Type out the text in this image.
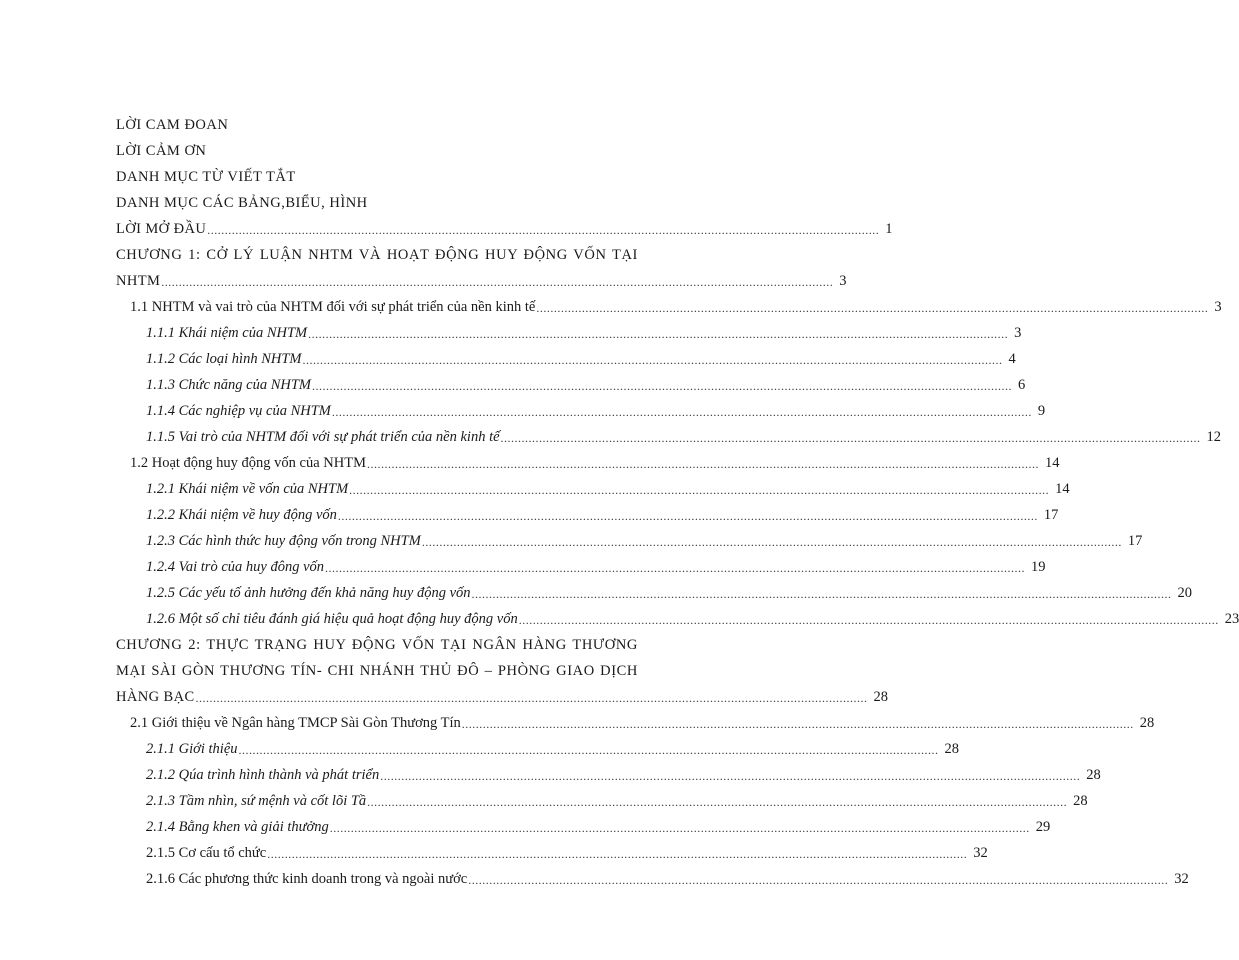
LỜI CAM ĐOAN
LỜI CẢM ƠN
DANH MỤC TỪ VIẾT TẮT
DANH MỤC CÁC BẢNG,BIỂU, HÌNH
LỜI MỞ ĐẦU ................................................................................................................................................................................................ 1
CHƯƠNG 1: CỞ LÝ LUẬN NHTM VÀ HOẠT ĐỘNG HUY ĐỘNG VỐN TẠI
NHTM ................................................................................................................................................................................................ 3
1.1 NHTM và vai trò của NHTM đối với sự phát triển của nền kinh tế ................................................................................................................................................................................................ 3
1.1.1 Khái niệm của NHTM ........................................................................................................................................................................................................ 3
1.1.2 Các loại hình NHTM ........................................................................................................................................................................................................ 4
1.1.3 Chức năng của NHTM ........................................................................................................................................................................................................ 6
1.1.4 Các nghiệp vụ của NHTM ........................................................................................................................................................................................................ 9
1.1.5 Vai trò của NHTM đối với sự phát triển của nền kinh tế ........................................................................................................................................................................................................ 12
1.2 Hoạt động huy động vốn của NHTM ................................................................................................................................................................................................ 14
1.2.1 Khái niệm về vốn của NHTM ........................................................................................................................................................................................................ 14
1.2.2 Khái niệm về huy động vốn ........................................................................................................................................................................................................ 17
1.2.3 Các hình thức huy động vốn trong NHTM ........................................................................................................................................................................................................ 17
1.2.4 Vai trò của huy đông vốn ........................................................................................................................................................................................................ 19
1.2.5 Các yếu tố ảnh hưởng đến khả năng huy động vốn ........................................................................................................................................................................................................ 20
1.2.6 Một số chỉ tiêu đánh giá hiệu quả hoạt động huy động vốn ........................................................................................................................................................................................................ 23
CHƯƠNG 2: THỰC TRẠNG HUY ĐỘNG VỐN TẠI NGÂN HÀNG THƯƠNG
MẠI SÀI GÒN THƯƠNG TÍN- CHI NHÁNH THỦ ĐÔ – PHÒNG GIAO DỊCH
HÀNG BẠC ................................................................................................................................................................................................ 28
2.1 Giới thiệu về Ngân hàng TMCP Sài Gòn Thương Tín ................................................................................................................................................................................................ 28
2.1.1 Giới thiệu ........................................................................................................................................................................................................ 28
2.1.2 Qúa trình hình thành và phát triển ........................................................................................................................................................................................................ 28
2.1.3 Tầm nhìn, sứ mệnh và cốt lõi Tầ ........................................................................................................................................................................................................ 28
2.1.4 Bằng khen và giải thưởng ........................................................................................................................................................................................................ 29
2.1.5 Cơ cấu tổ chức ........................................................................................................................................................................................................ 32
2.1.6 Các phương thức kinh doanh trong và ngoài nước ........................................................................................................................................................................................................ 32
